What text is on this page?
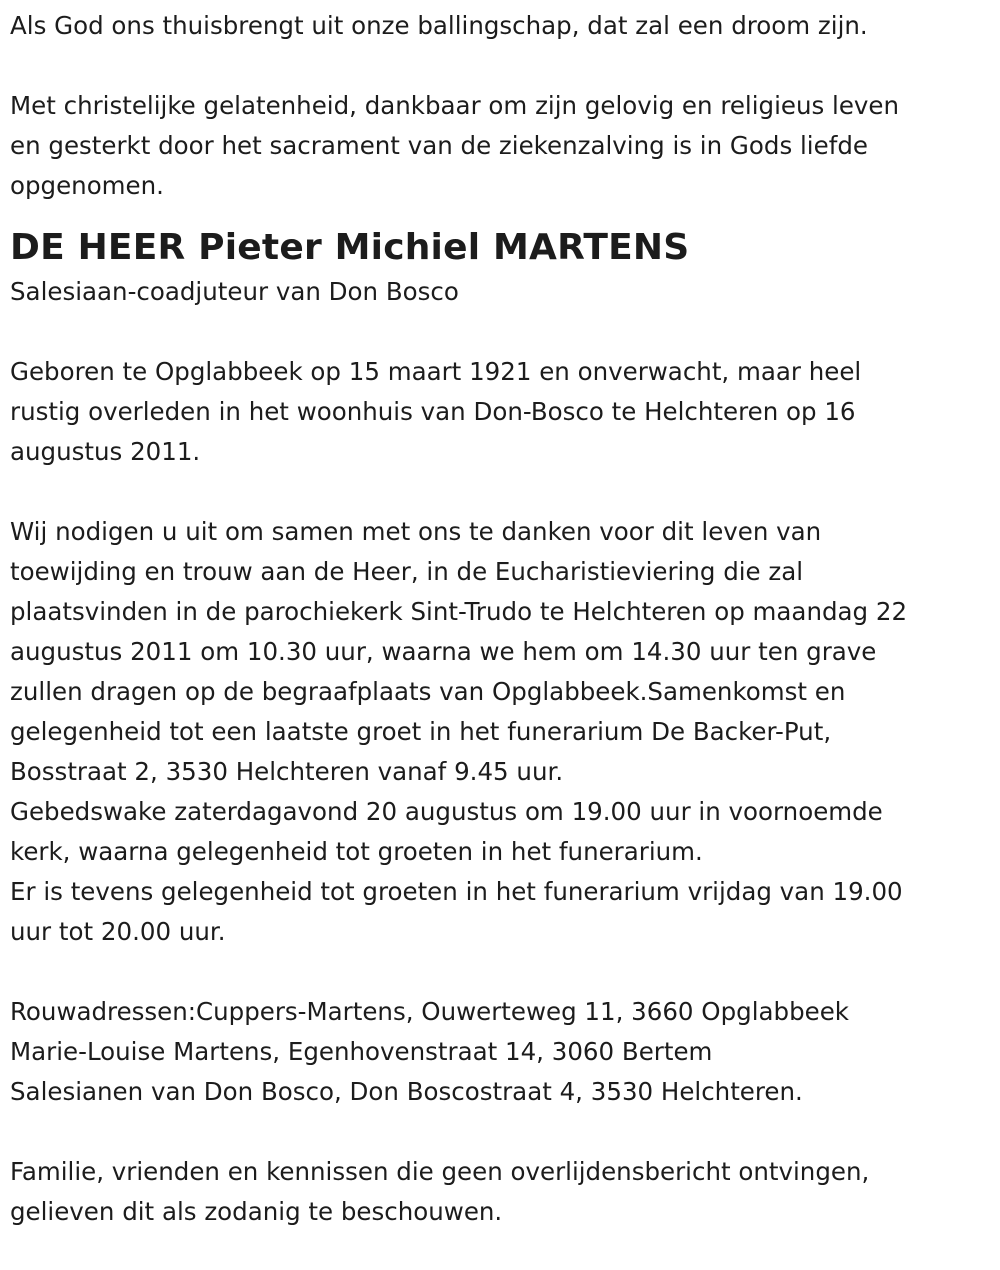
Als God ons thuisbrengt uit onze ballingschap, dat zal een droom zijn.
Met christelijke gelatenheid, dankbaar om zijn gelovig en religieus leven
en gesterkt door het sacrament van de ziekenzalving is in Gods liefde
opgenomen.
DE HEER Pieter Michiel MARTENS
Salesiaan-coadjuteur van Don Bosco
Geboren te Opglabbeek op 15 maart 1921 en onverwacht, maar heel
rustig overleden in het woonhuis van Don-Bosco te Helchteren op 16
augustus 2011.
Wij nodigen u uit om samen met ons te danken voor dit leven van
toewijding en trouw aan de Heer, in de Eucharistieviering die zal
plaatsvinden in de parochiekerk Sint-Trudo te Helchteren op maandag 22
augustus 2011 om 10.30 uur, waarna we hem om 14.30 uur ten grave
zullen dragen op de begraafplaats van Opglabbeek.Samenkomst en
gelegenheid tot een laatste groet in het funerarium De Backer-Put,
Bosstraat 2, 3530 Helchteren vanaf 9.45 uur.
Gebedswake zaterdagavond 20 augustus om 19.00 uur in voornoemde
kerk, waarna gelegenheid tot groeten in het funerarium.
Er is tevens gelegenheid tot groeten in het funerarium vrijdag van 19.00
uur tot 20.00 uur.
Rouwadressen:Cuppers-Martens, Ouwerteweg 11, 3660 Opglabbeek
Marie-Louise Martens, Egenhovenstraat 14, 3060 Bertem
Salesianen van Don Bosco, Don Boscostraat 4, 3530 Helchteren.
Familie, vrienden en kennissen die geen overlijdensbericht ontvingen,
gelieven dit als zodanig te beschouwen.
